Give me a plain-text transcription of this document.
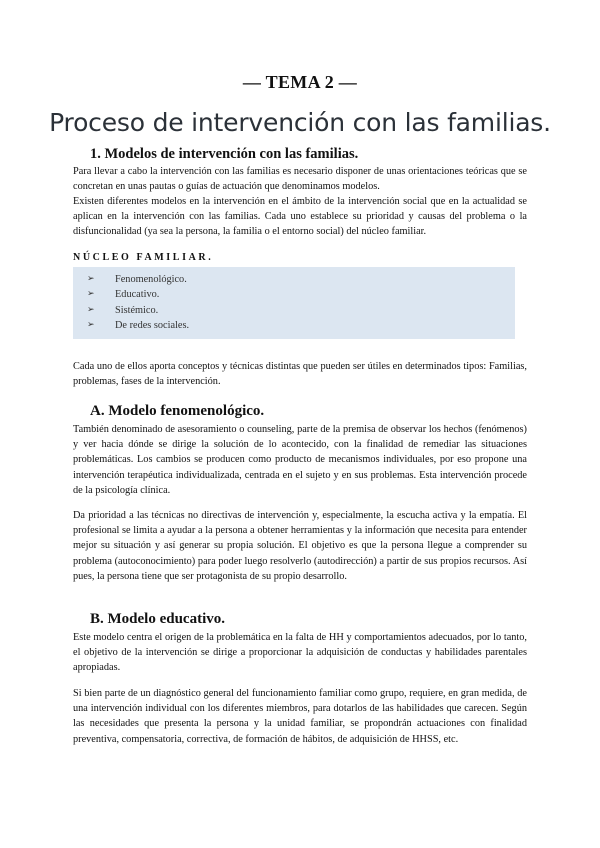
— TEMA 2 —
Proceso de intervención con las familias.
1. Modelos de intervención con las familias.

Para llevar a cabo la intervención con las familias es necesario disponer de unas orientaciones teóricas que se concretan en unas pautas o guías de actuación que denominamos modelos.

Existen diferentes modelos en la intervención en el ámbito de la intervención social que en la actualidad se aplican en la intervención con las familias. Cada uno establece su prioridad y causas del problema o la disfuncionalidad (ya sea la persona, la familia o el entorno social) del núcleo familiar.

NÚCLEO FAMILIAR.
➢	Fenomenológico.
➢	Educativo.
➢	Sistémico.
➢	De redes sociales.

Cada uno de ellos aporta conceptos y técnicas distintas que pueden ser útiles en determinados tipos: Familias, problemas, fases de la intervención.

A. Modelo fenomenológico.

También denominado de asesoramiento o counseling, parte de la premisa de observar los hechos (fenómenos) y ver hacia dónde se dirige la solución de lo acontecido, con la finalidad de remediar las situaciones problemáticas. Los cambios se producen como producto de mecanismos individuales, por eso propone una intervención terapéutica individualizada, centrada en el sujeto y en sus problemas. Esta intervención procede de la psicología clínica.

Da prioridad a las técnicas no directivas de intervención y, especialmente, la escucha activa y la empatía. El profesional se limita a ayudar a la persona a obtener herramientas y la información que necesita para entender mejor su situación y así generar su propia solución. El objetivo es que la persona llegue a comprender su problema (autoconocimiento) para poder luego resolverlo (autodirección) a partir de sus propios recursos. Así pues, la persona tiene que ser protagonista de su propio desarrollo.

B. Modelo educativo.

Este modelo centra el origen de la problemática en la falta de HH y comportamientos adecuados, por lo tanto, el objetivo de la intervención se dirige a proporcionar la adquisición de conductas y habilidades parentales apropiadas.

Si bien parte de un diagnóstico general del funcionamiento familiar como grupo, requiere, en gran medida, de una intervención individual con los diferentes miembros, para dotarlos de las habilidades que carecen. Según las necesidades que presenta la persona y la unidad familiar, se propondrán actuaciones con finalidad preventiva, compensatoria, correctiva, de formación de hábitos, de adquisición de HHSS, etc.
